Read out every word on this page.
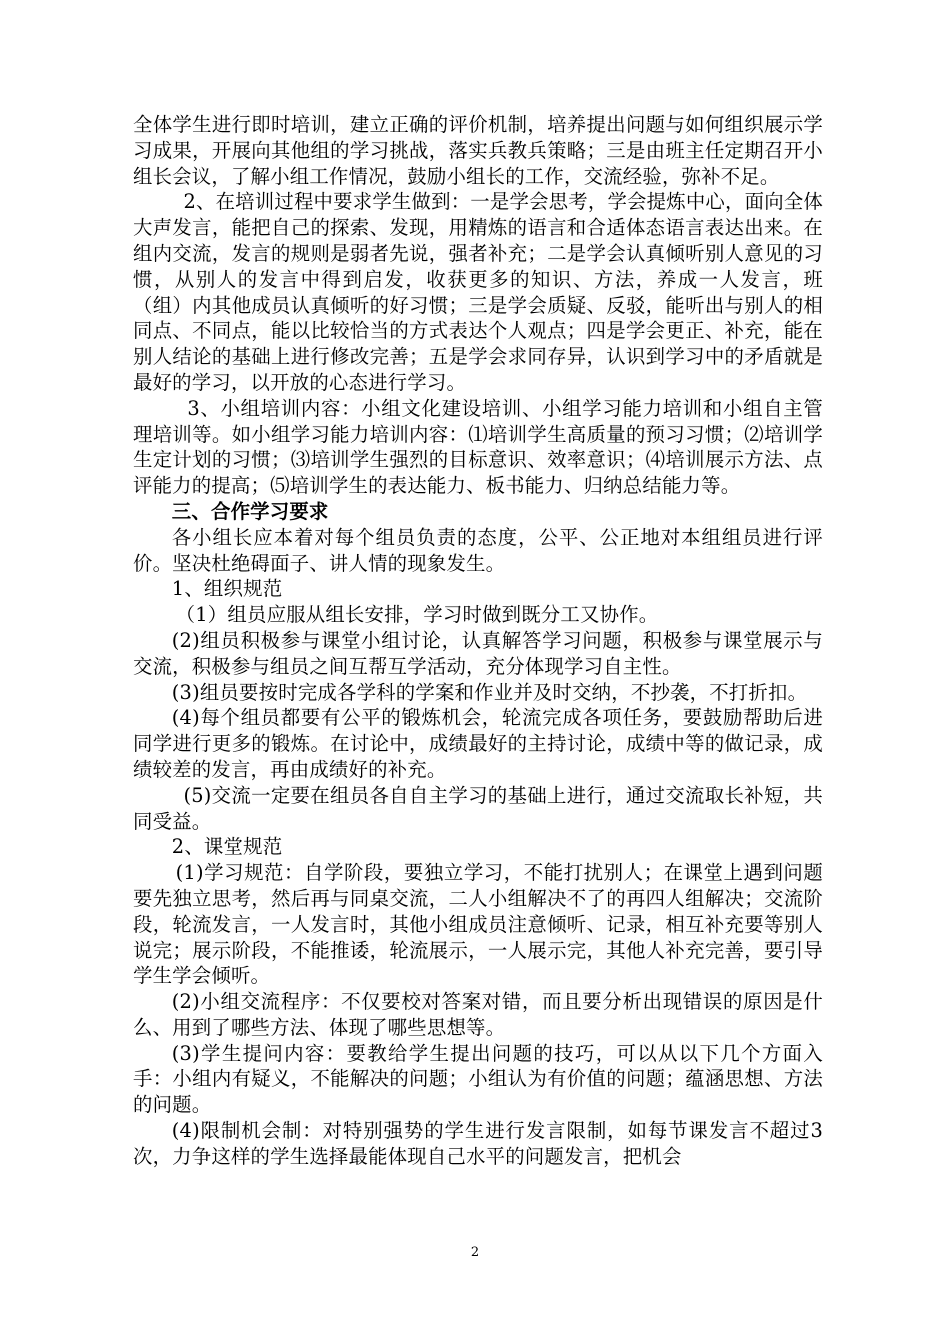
全体学生进行即时培训，建立正确的评价机制，培养提出问题与如何组织展示学习成果，开展向其他组的学习挑战，落实兵教兵策略；三是由班主任定期召开小组长会议，了解小组工作情况，鼓励小组长的工作，交流经验，弥补不足。

2、在培训过程中要求学生做到：一是学会思考，学会提炼中心，面向全体大声发言，能把自己的探索、发现，用精炼的语言和合适体态语言表达出来。在组内交流，发言的规则是弱者先说，强者补充；二是学会认真倾听别人意见的习惯，从别人的发言中得到启发，收获更多的知识、方法，养成一人发言，班（组）内其他成员认真倾听的好习惯；三是学会质疑、反驳，能听出与别人的相同点、不同点，能以比较恰当的方式表达个人观点；四是学会更正、补充，能在别人结论的基础上进行修改完善；五是学会求同存异，认识到学习中的矛盾就是最好的学习，以开放的心态进行学习。

3、小组培训内容：小组文化建设培训、小组学习能力培训和小组自主管理培训等。如小组学习能力培训内容：⑴培训学生高质量的预习习惯；⑵培训学生定计划的习惯；⑶培训学生强烈的目标意识、效率意识；⑷培训展示方法、点评能力的提高；⑸培训学生的表达能力、板书能力、归纳总结能力等。

三、合作学习要求

各小组长应本着对每个组员负责的态度，公平、公正地对本组组员进行评价。坚决杜绝碍面子、讲人情的现象发生。

1、组织规范

（1）组员应服从组长安排，学习时做到既分工又协作。

(2)组员积极参与课堂小组讨论，认真解答学习问题，积极参与课堂展示与交流，积极参与组员之间互帮互学活动，充分体现学习自主性。

(3)组员要按时完成各学科的学案和作业并及时交纳，不抄袭，不打折扣。

(4)每个组员都要有公平的锻炼机会，轮流完成各项任务，要鼓励帮助后进同学进行更多的锻炼。在讨论中，成绩最好的主持讨论，成绩中等的做记录，成绩较差的发言，再由成绩好的补充。

(5)交流一定要在组员各自自主学习的基础上进行，通过交流取长补短，共同受益。

2、课堂规范

(1)学习规范：自学阶段，要独立学习，不能打扰别人；在课堂上遇到问题要先独立思考，然后再与同桌交流，二人小组解决不了的再四人组解决；交流阶段，轮流发言，一人发言时，其他小组成员注意倾听、记录，相互补充要等别人说完；展示阶段，不能推诿，轮流展示，一人展示完，其他人补充完善，要引导学生学会倾听。

(2)小组交流程序：不仅要校对答案对错，而且要分析出现错误的原因是什么、用到了哪些方法、体现了哪些思想等。

(3)学生提问内容：要教给学生提出问题的技巧，可以从以下几个方面入手：小组内有疑义，不能解决的问题；小组认为有价值的问题；蕴涵思想、方法的问题。

(4)限制机会制：对特别强势的学生进行发言限制，如每节课发言不超过3次，力争这样的学生选择最能体现自己水平的问题发言，把机会

2
